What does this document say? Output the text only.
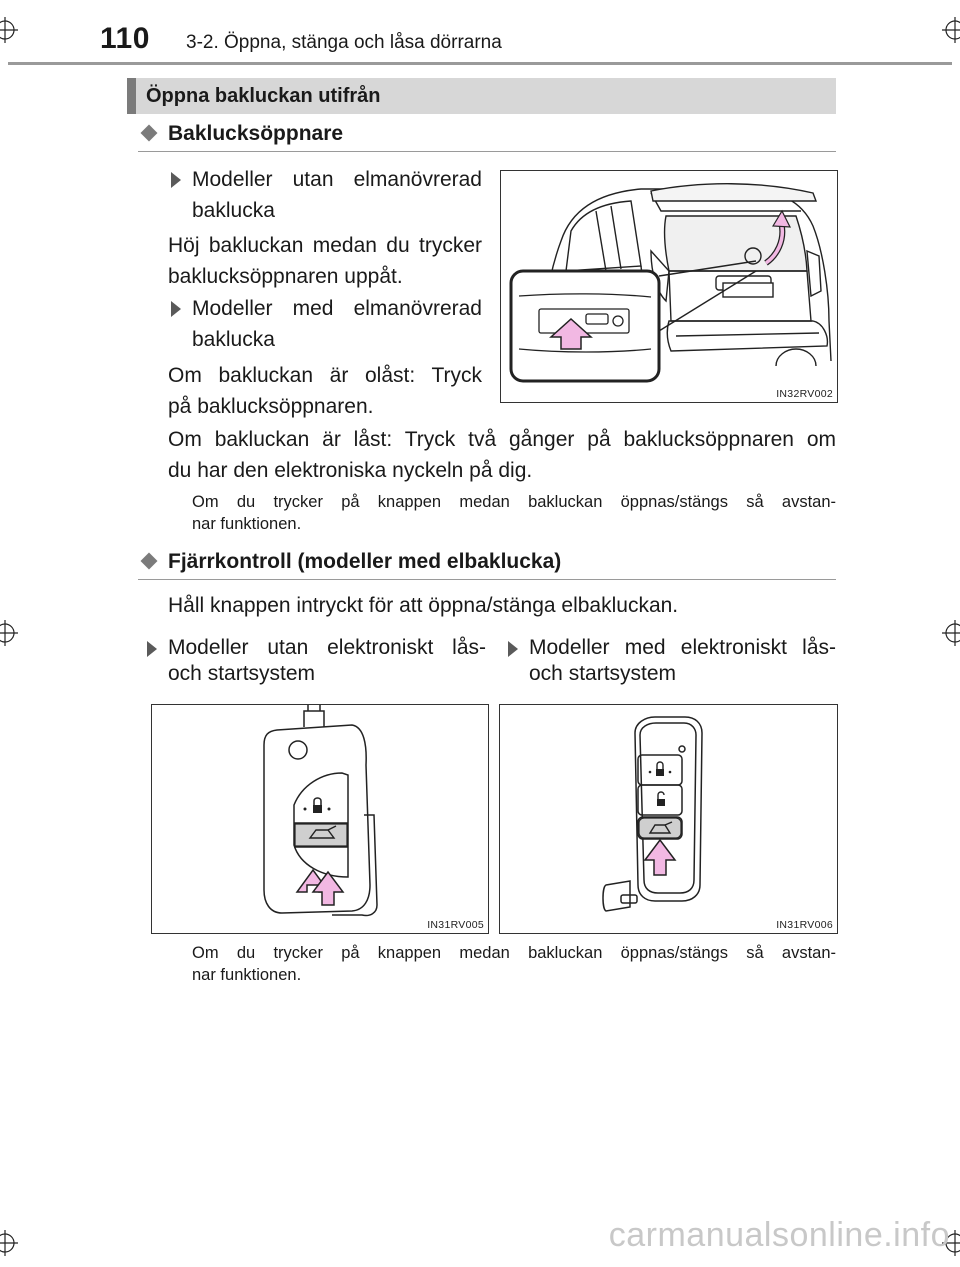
110 3-2. Öppna, stänga och låsa dörrarna
Öppna bakluckan utifrån
Baklucksöppnare
Modeller utan elmanövrerad
baklucka
Höj bakluckan medan du trycker
baklucksöppnaren uppåt.
Modeller med elmanövrerad
baklucka
Om bakluckan är olåst: Tryck
på baklucksöppnaren.
IN32RV002
Om bakluckan är låst: Tryck två gånger på baklucksöppnaren om
du har den elektroniska nyckeln på dig.
Om du trycker på knappen medan bakluckan öppnas/stängs så avstan-
nar funktionen.
Fjärrkontroll (modeller med elbaklucka)
Håll knappen intryckt för att öppna/stänga elbakluckan.
Modeller utan elektroniskt lås-
och startsystem
Modeller med elektroniskt lås-
och startsystem
IN31RV005	IN31RV006
Om du trycker på knappen medan bakluckan öppnas/stängs så avstan-
nar funktionen.
carmanualsonline.info
